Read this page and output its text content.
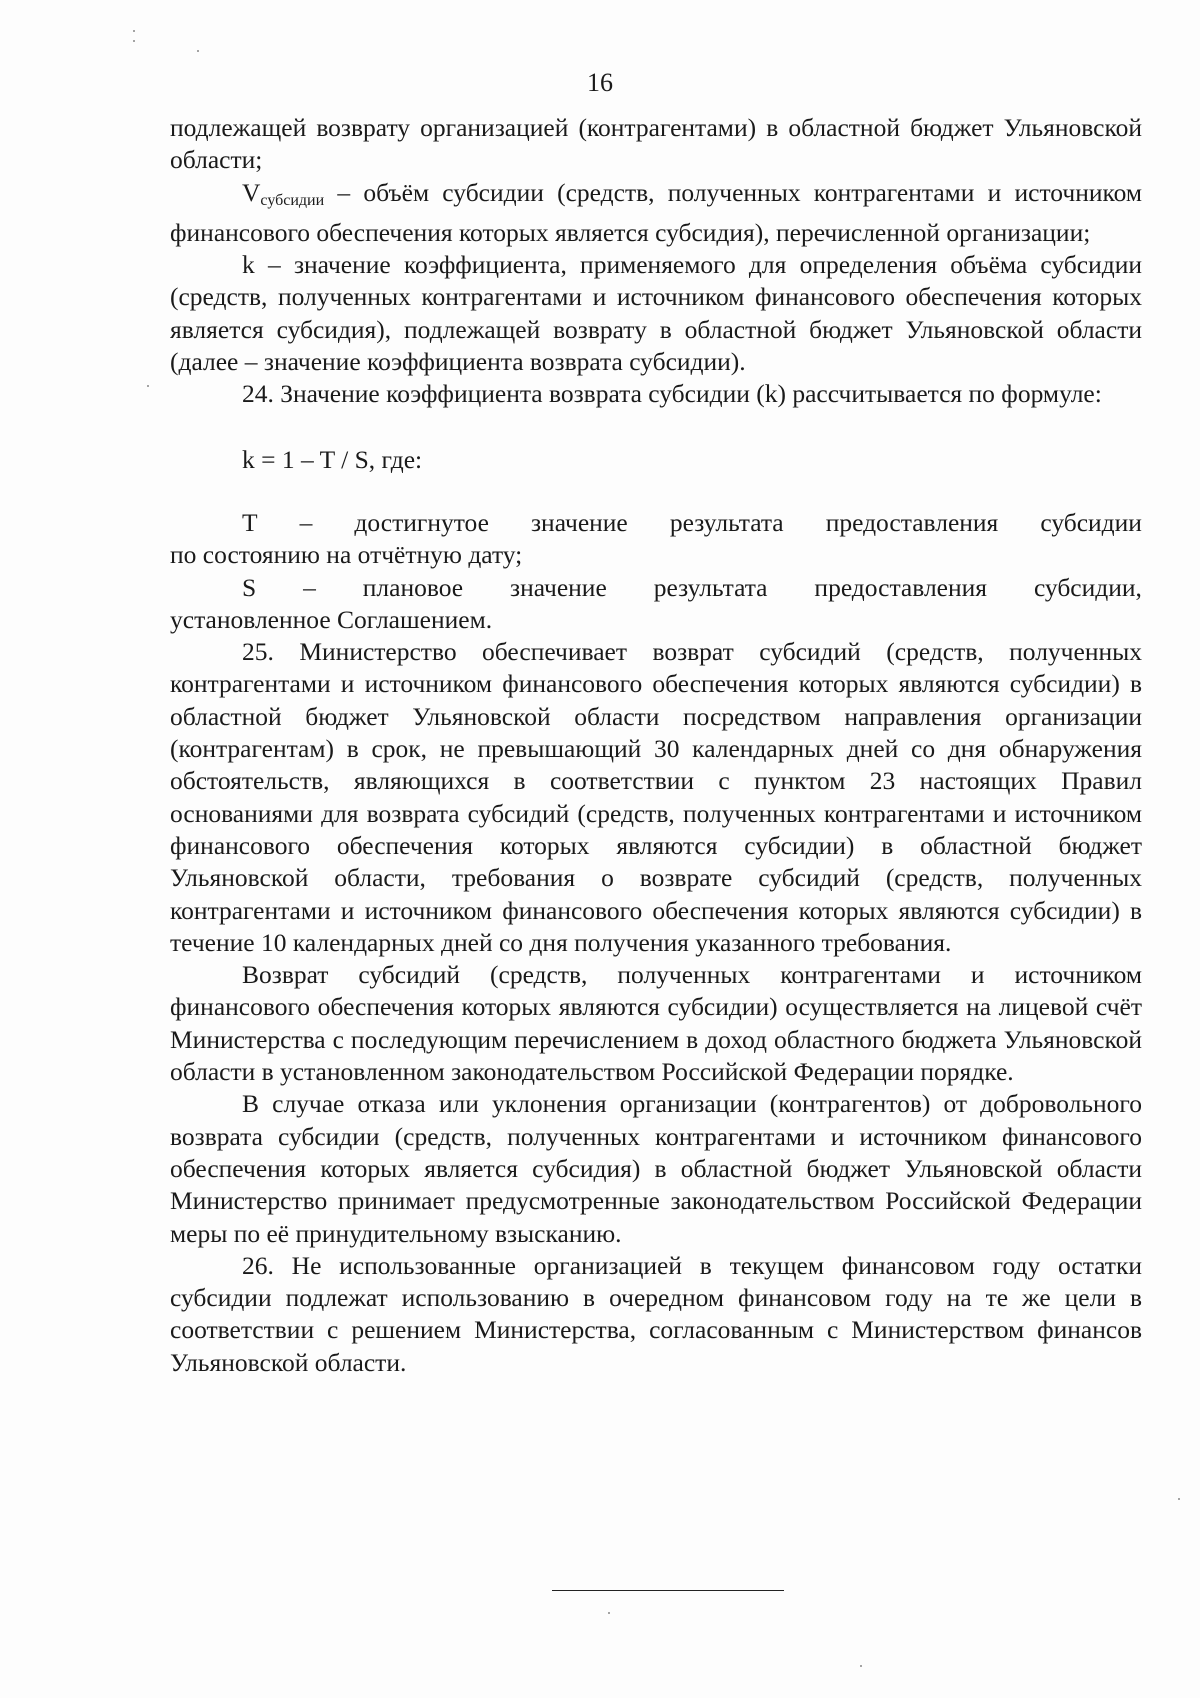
16

подлежащей возврату организацией (контрагентами) в областной бюджет Ульяновской области;

$V_{субсидии}$ – объём субсидии (средств, полученных контрагентами и источником финансового обеспечения которых является субсидия), перечисленной организации;

k – значение коэффициента, применяемого для определения объёма субсидии (средств, полученных контрагентами и источником финансового обеспечения которых является субсидия), подлежащей возврату в областной бюджет Ульяновской области (далее – значение коэффициента возврата субсидии).

24. Значение коэффициента возврата субсидии (k) рассчитывается по формуле:

k = 1 – T / S, где:

Т – достигнутое значение результата предоставления субсидии

по состоянию на отчётную дату;

S – плановое значение результата предоставления субсидии,

установленное Соглашением.

25. Министерство обеспечивает возврат субсидий (средств, полученных контрагентами и источником финансового обеспечения которых являются субсидии) в областной бюджет Ульяновской области посредством направления организации (контрагентам) в срок, не превышающий 30 календарных дней со дня обнаружения обстоятельств, являющихся в соответствии с пунктом 23 настоящих Правил основаниями для возврата субсидий (средств, полученных контрагентами и источником финансового обеспечения которых являются субсидии) в областной бюджет Ульяновской области, требования о возврате субсидий (средств, полученных контрагентами и источником финансового обеспечения которых являются субсидии) в течение 10 календарных дней со дня получения указанного требования.

Возврат субсидий (средств, полученных контрагентами и источником финансового обеспечения которых являются субсидии) осуществляется на лицевой счёт Министерства с последующим перечислением в доход областного бюджета Ульяновской области в установленном законодательством Российской Федерации порядке.

В случае отказа или уклонения организации (контрагентов) от добровольного возврата субсидии (средств, полученных контрагентами и источником финансового обеспечения которых является субсидия) в областной бюджет Ульяновской области Министерство принимает предусмотренные законодательством Российской Федерации меры по её принудительному взысканию.

26. Не использованные организацией в текущем финансовом году остатки субсидии подлежат использованию в очередном финансовом году на те же цели в соответствии с решением Министерства, согласованным с Министерством финансов Ульяновской области.
